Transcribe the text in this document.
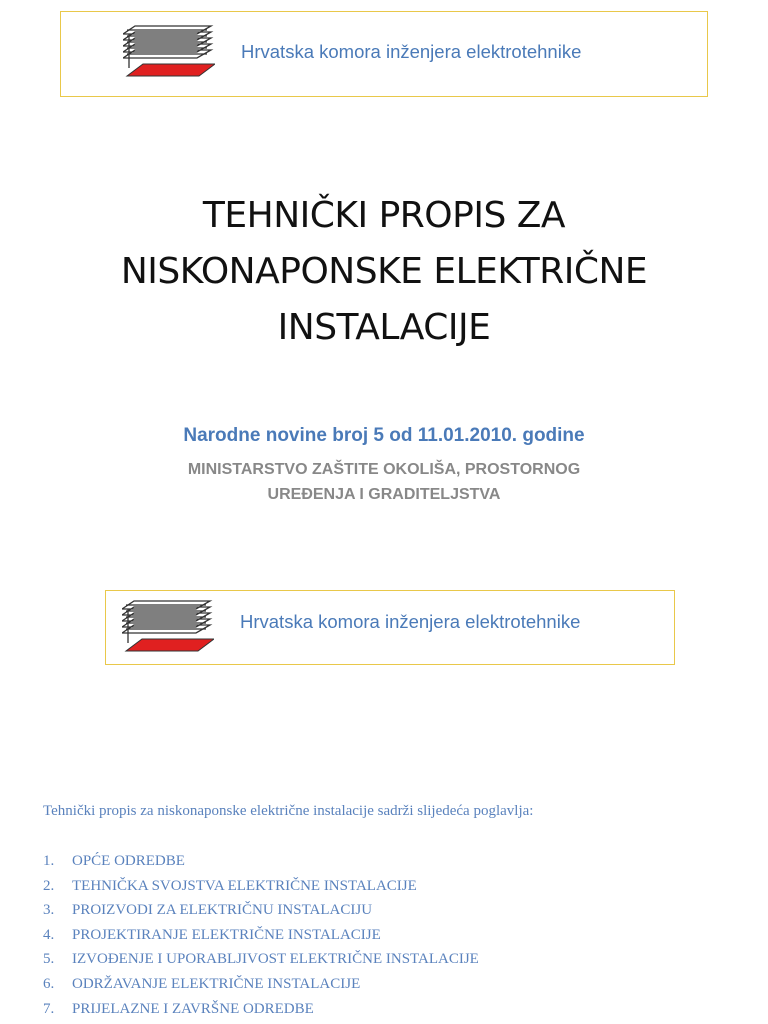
Hrvatska komora inženjera elektrotehnike
TEHNIČKI PROPIS ZA
NISKONAPONSKE ELEKTRIČNE
INSTALACIJE
Narodne novine broj 5 od 11.01.2010. godine
MINISTARSTVO ZAŠTITE OKOLIŠA, PROSTORNOG
UREĐENJA I GRADITELJSTVA
Hrvatska komora inženjera elektrotehnike
Tehnički propis za niskonaponske električne instalacije sadrži slijedeća poglavlja:
1. OPĆE ODREDBE
2. TEHNIČKA SVOJSTVA ELEKTRIČNE INSTALACIJE
3. PROIZVODI ZA ELEKTRIČNU INSTALACIJU
4. PROJEKTIRANJE ELEKTRIČNE INSTALACIJE
5. IZVOĐENJE I UPORABLJIVOST ELEKTRIČNE INSTALACIJE
6. ODRŽAVANJE ELEKTRIČNE INSTALACIJE
7. PRIJELAZNE I ZAVRŠNE ODREDBE
